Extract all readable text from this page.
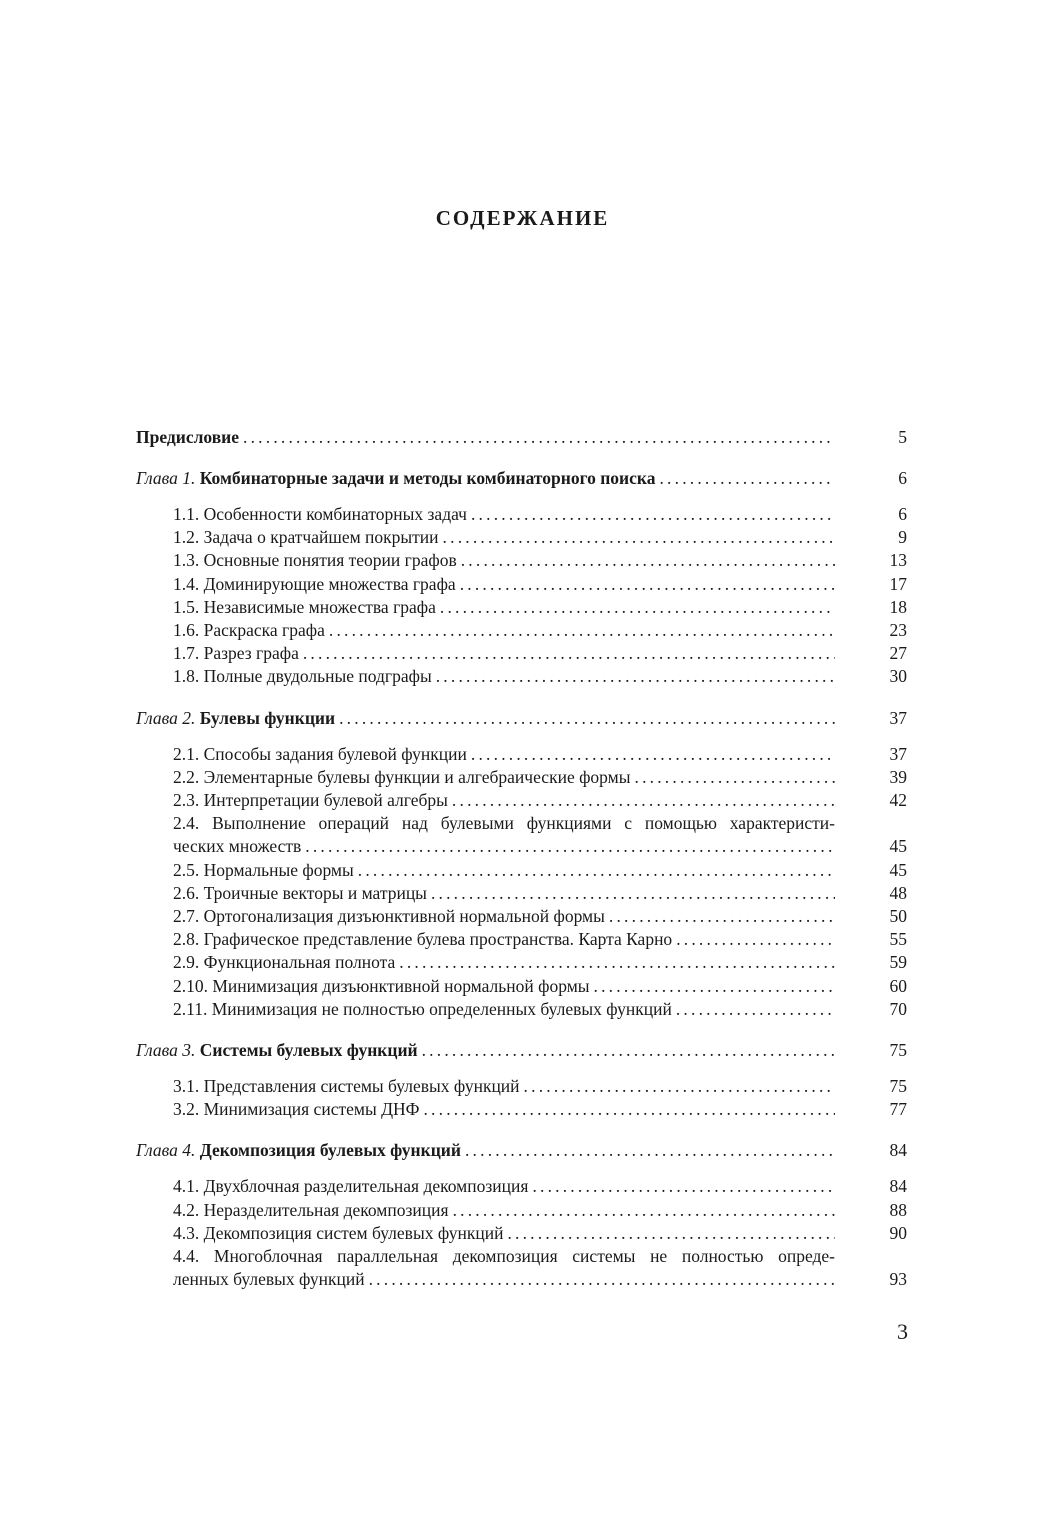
СОДЕРЖАНИЕ
Предисловие .....	5
Глава 1. Комбинаторные задачи и методы комбинаторного поиска .....	6
1.1. Особенности комбинаторных задач .....	6
1.2. Задача о кратчайшем покрытии .....	9
1.3. Основные понятия теории графов .....	13
1.4. Доминирующие множества графа .....	17
1.5. Независимые множества графа .....	18
1.6. Раскраска графа .....	23
1.7. Разрез графа .....	27
1.8. Полные двудольные подграфы .....	30
Глава 2. Булевы функции .....	37
2.1. Способы задания булевой функции .....	37
2.2. Элементарные булевы функции и алгебраические формы .....	39
2.3. Интерпретации булевой алгебры .....	42
2.4. Выполнение операций над булевыми функциями с помощью характеристи-
ческих множеств .....	45
2.5. Нормальные формы .....	45
2.6. Троичные векторы и матрицы .....	48
2.7. Ортогонализация дизъюнктивной нормальной формы .....	50
2.8. Графическое представление булева пространства. Карта Карно .....	55
2.9. Функциональная полнота .....	59
2.10. Минимизация дизъюнктивной нормальной формы .....	60
2.11. Минимизация не полностью определенных булевых функций .....	70
Глава 3. Системы булевых функций .....	75
3.1. Представления системы булевых функций .....	75
3.2. Минимизация системы ДНФ .....	77
Глава 4. Декомпозиция булевых функций .....	84
4.1. Двухблочная разделительная декомпозиция .....	84
4.2. Неразделительная декомпозиция .....	88
4.3. Декомпозиция систем булевых функций .....	90
4.4. Многоблочная параллельная декомпозиция системы не полностью опреде-
ленных булевых функций .....	93
3
